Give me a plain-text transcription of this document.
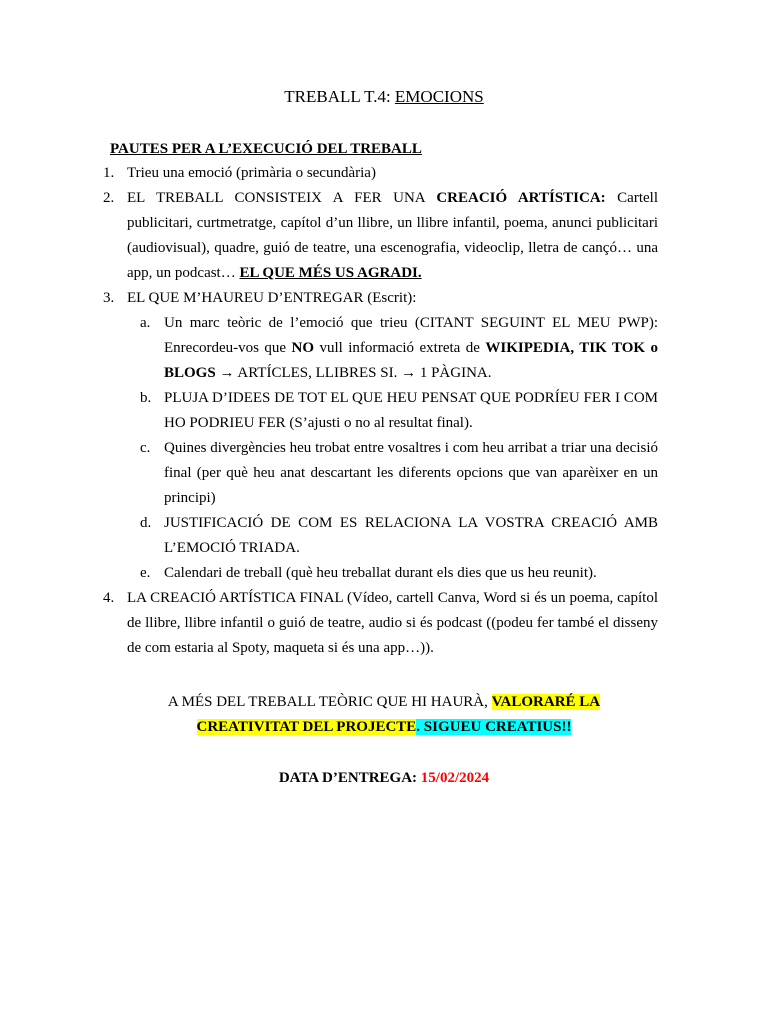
TREBALL T.4: EMOCIONS
PAUTES PER A L’EXECUCIÓ DEL TREBALL
1. Trieu una emoció (primària o secundària)
2. EL TREBALL CONSISTEIX A FER UNA CREACIÓ ARTÍSTICA: Cartell publicitari, curtmetratge, capítol d’un llibre, un llibre infantil, poema, anunci publicitari (audiovisual), quadre, guió de teatre, una escenografia, videoclip, lletra de cançó… una app, un podcast… EL QUE MÉS US AGRADI.
3. EL QUE M’HAUREU D’ENTREGAR (Escrit):
a. Un marc teòric de l’emoció que trieu (CITANT SEGUINT EL MEU PWP): Enrecordeu-vos que NO vull informació extreta de WIKIPEDIA, TIK TOK o BLOGS → ARTÍCLES, LLIBRES SI. → 1 PÀGINA.
b. PLUJA D’IDEES DE TOT EL QUE HEU PENSAT QUE PODRÍEU FER I COM HO PODRIEU FER (S’ajusti o no al resultat final).
c. Quines divergències heu trobat entre vosaltres i com heu arribat a triar una decisió final (per què heu anat descartant les diferents opcions que van aparèixer en un principi)
d. JUSTIFICACIÓ DE COM ES RELACIONA LA VOSTRA CREACIÓ AMB L’EMOCIÓ TRIADA.
e. Calendari de treball (què heu treballat durant els dies que us heu reunit).
4. LA CREACIÓ ARTÍSTICA FINAL (Vídeo, cartell Canva, Word si és un poema, capítol de llibre, llibre infantil o guió de teatre, audio si és podcast ((podeu fer també el disseny de com estaria al Spoty, maqueta si és una app…)).
A MÉS DEL TREBALL TEÒRIC QUE HI HAURÀ, VALORARÉ LA
CREATIVITAT DEL PROJECTE. SIGUEU CREATIUS!!
DATA D’ENTREGA: 15/02/2024
